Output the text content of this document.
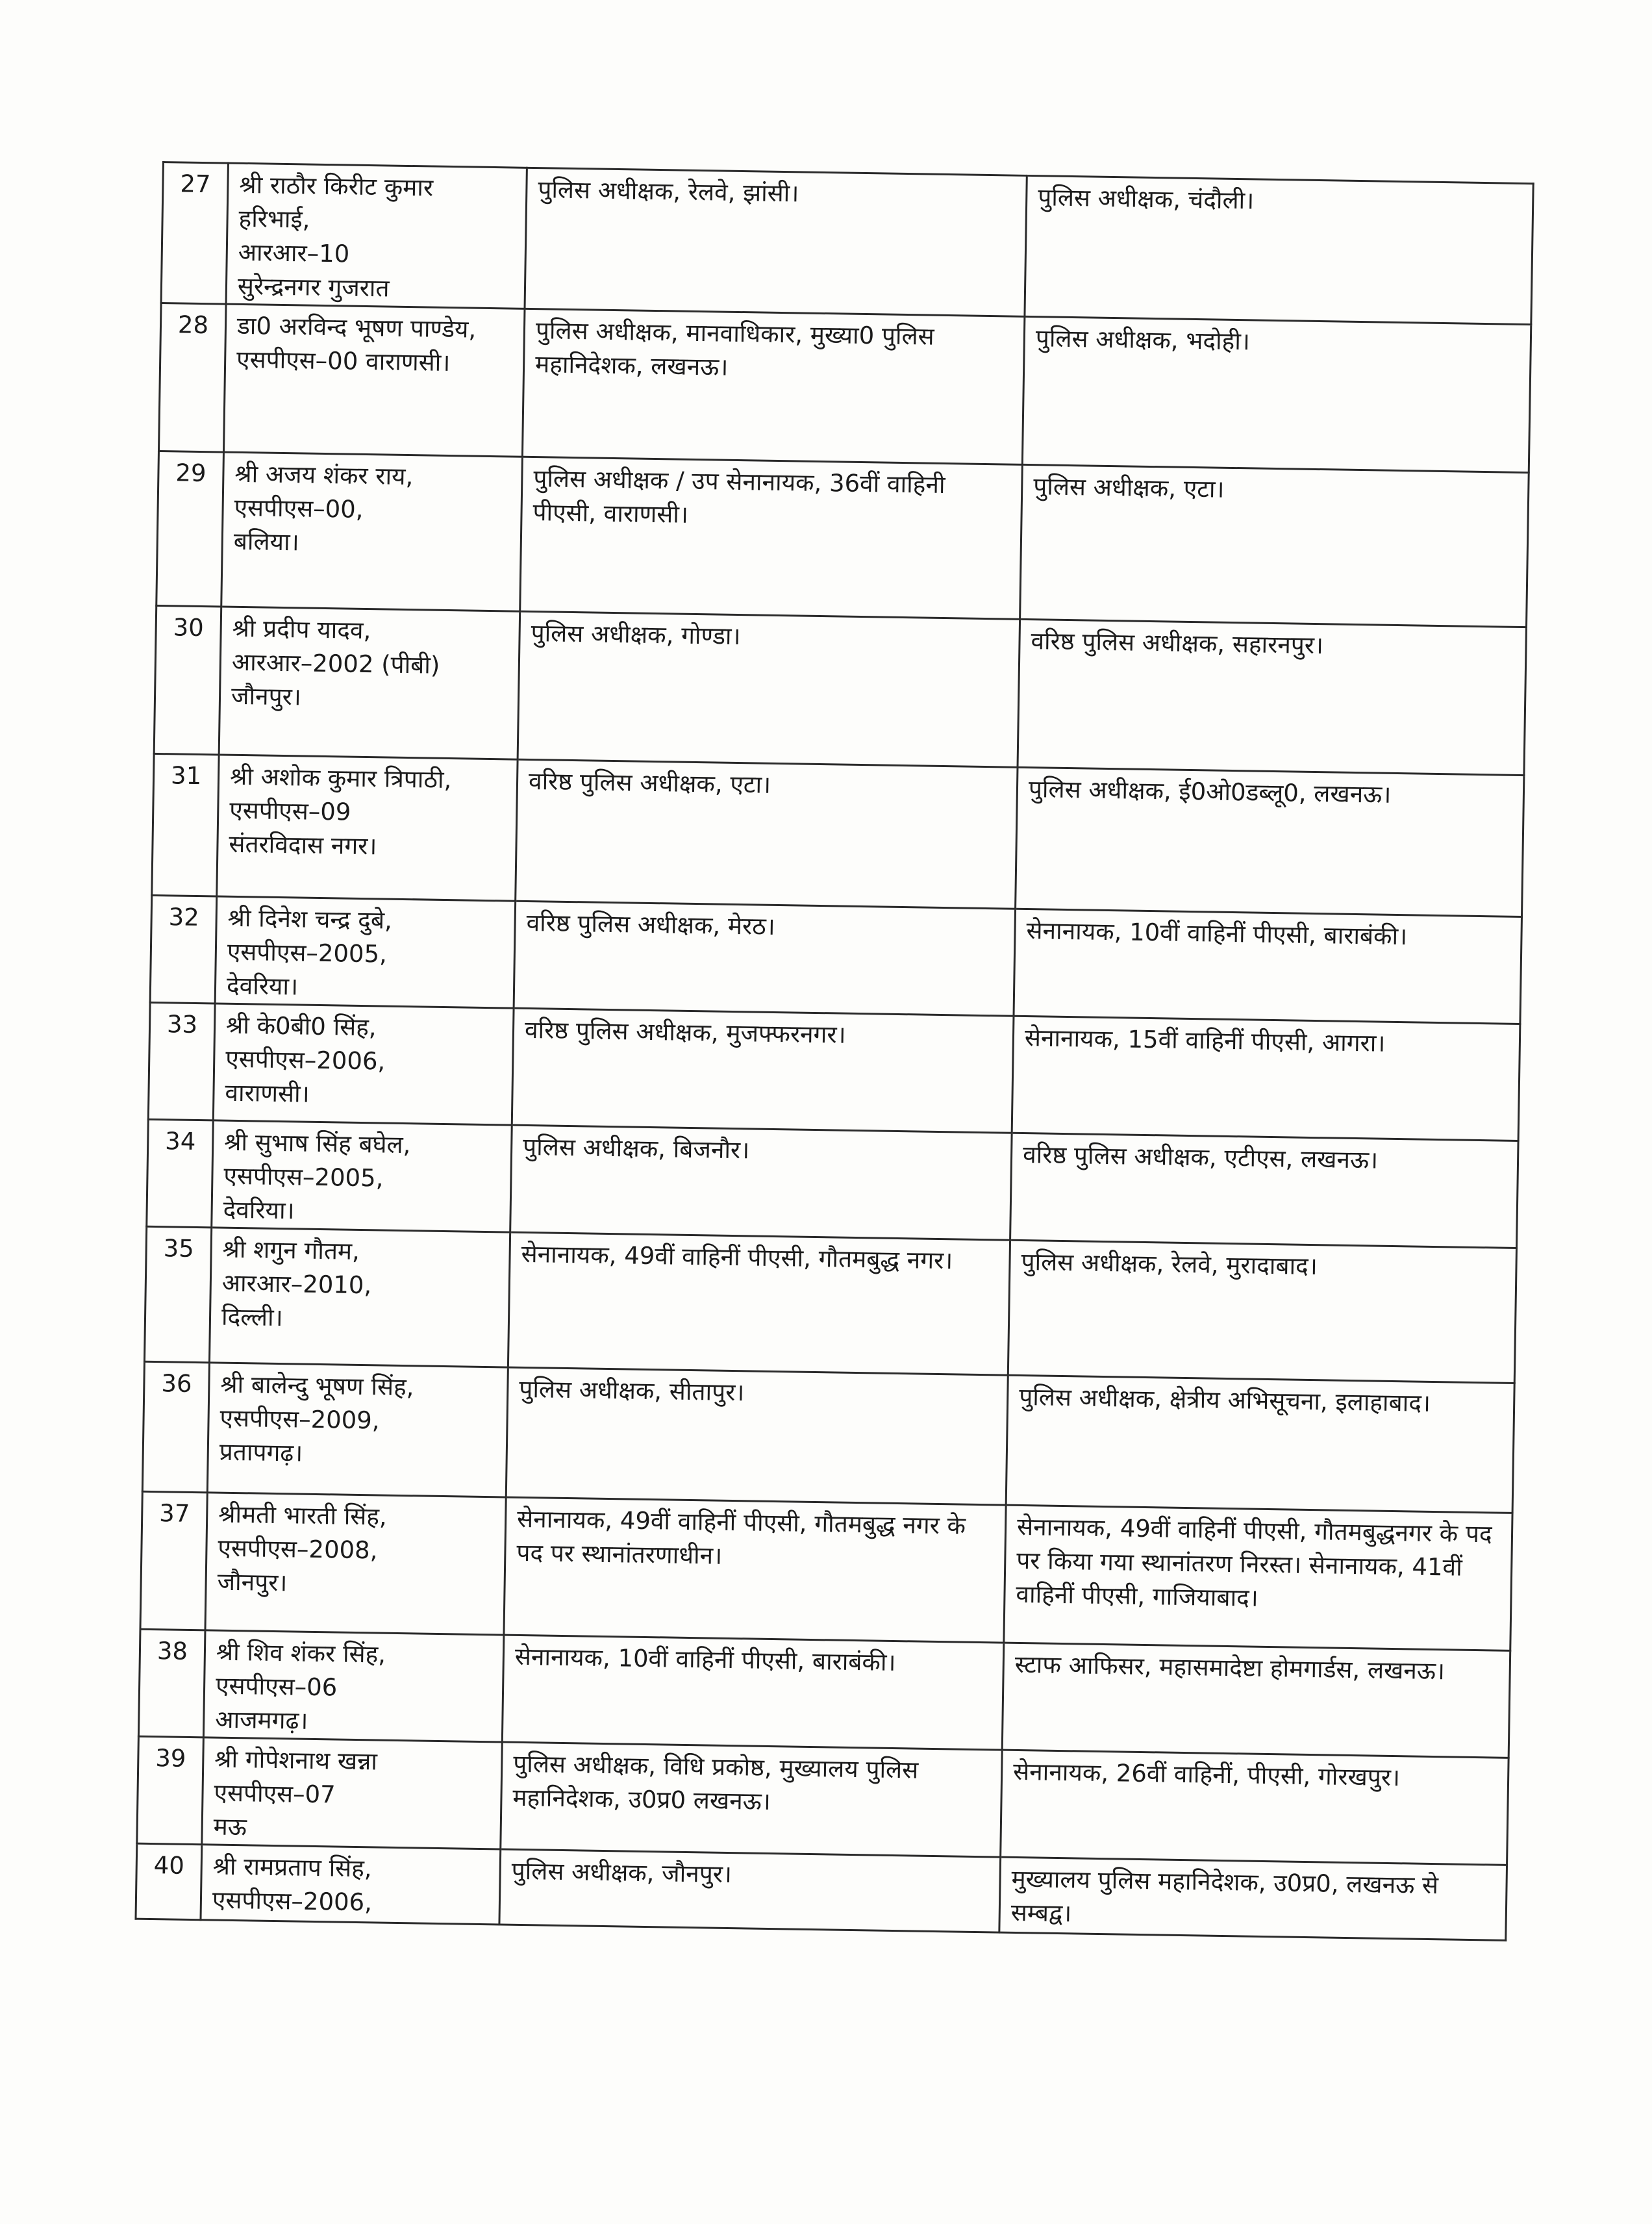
27	श्री राठौर किरीट कुमार
हरिभाई,
आरआर–10
सुरेन्द्रनगर गुजरात	पुलिस अधीक्षक, रेलवे, झांसी।	पुलिस अधीक्षक, चंदौली।
28	डा0 अरविन्द भूषण पाण्डेय,
एसपीएस–00 वाराणसी।	पुलिस अधीक्षक, मानवाधिकार, मुख्या0 पुलिस महानिदेशक, लखनऊ।	पुलिस अधीक्षक, भदोही।
29	श्री अजय शंकर राय,
एसपीएस–00,
बलिया।	पुलिस अधीक्षक / उप सेनानायक, 36वीं वाहिनी पीएसी, वाराणसी।	पुलिस अधीक्षक, एटा।
30	श्री प्रदीप यादव,
आरआर–2002 (पीबी)
जौनपुर।	पुलिस अधीक्षक, गोण्डा।	वरिष्ठ पुलिस अधीक्षक, सहारनपुर।
31	श्री अशोक कुमार त्रिपाठी,
एसपीएस–09
संतरविदास नगर।	वरिष्ठ पुलिस अधीक्षक, एटा।	पुलिस अधीक्षक, ई0ओ0डब्लू0, लखनऊ।
32	श्री दिनेश चन्द्र दुबे,
एसपीएस–2005,
देवरिया।	वरिष्ठ पुलिस अधीक्षक, मेरठ।	सेनानायक, 10वीं वाहिनीं पीएसी, बाराबंकी।
33	श्री के0बी0 सिंह,
एसपीएस–2006,
वाराणसी।	वरिष्ठ पुलिस अधीक्षक, मुजफ्फरनगर।	सेनानायक, 15वीं वाहिनीं पीएसी, आगरा।
34	श्री सुभाष सिंह बघेल,
एसपीएस–2005,
देवरिया।	पुलिस अधीक्षक, बिजनौर।	वरिष्ठ पुलिस अधीक्षक, एटीएस, लखनऊ।
35	श्री शगुन गौतम,
आरआर–2010,
दिल्ली।	सेनानायक, 49वीं वाहिनीं पीएसी, गौतमबुद्ध नगर।	पुलिस अधीक्षक, रेलवे, मुरादाबाद।
36	श्री बालेन्दु भूषण सिंह,
एसपीएस–2009,
प्रतापगढ़।	पुलिस अधीक्षक, सीतापुर।	पुलिस अधीक्षक, क्षेत्रीय अभिसूचना, इलाहाबाद।
37	श्रीमती भारती सिंह,
एसपीएस–2008,
जौनपुर।	सेनानायक, 49वीं वाहिनीं पीएसी, गौतमबुद्ध नगर के पद पर स्थानांतरणाधीन।	सेनानायक, 49वीं वाहिनीं पीएसी, गौतमबुद्धनगर के पद पर किया गया स्थानांतरण निरस्त। सेनानायक, 41वीं वाहिनीं पीएसी, गाजियाबाद।
38	श्री शिव शंकर सिंह,
एसपीएस–06
आजमगढ़।	सेनानायक, 10वीं वाहिनीं पीएसी, बाराबंकी।	स्टाफ आफिसर, महासमादेष्टा होमगार्डस, लखनऊ।
39	श्री गोपेशनाथ खन्ना
एसपीएस–07
मऊ	पुलिस अधीक्षक, विधि प्रकोष्ठ, मुख्यालय पुलिस महानिदेशक, उ0प्र0 लखनऊ।	सेनानायक, 26वीं वाहिनीं, पीएसी, गोरखपुर।
40	श्री रामप्रताप सिंह,
एसपीएस–2006,	पुलिस अधीक्षक, जौनपुर।	मुख्यालय पुलिस महानिदेशक, उ0प्र0, लखनऊ से सम्बद्व।
